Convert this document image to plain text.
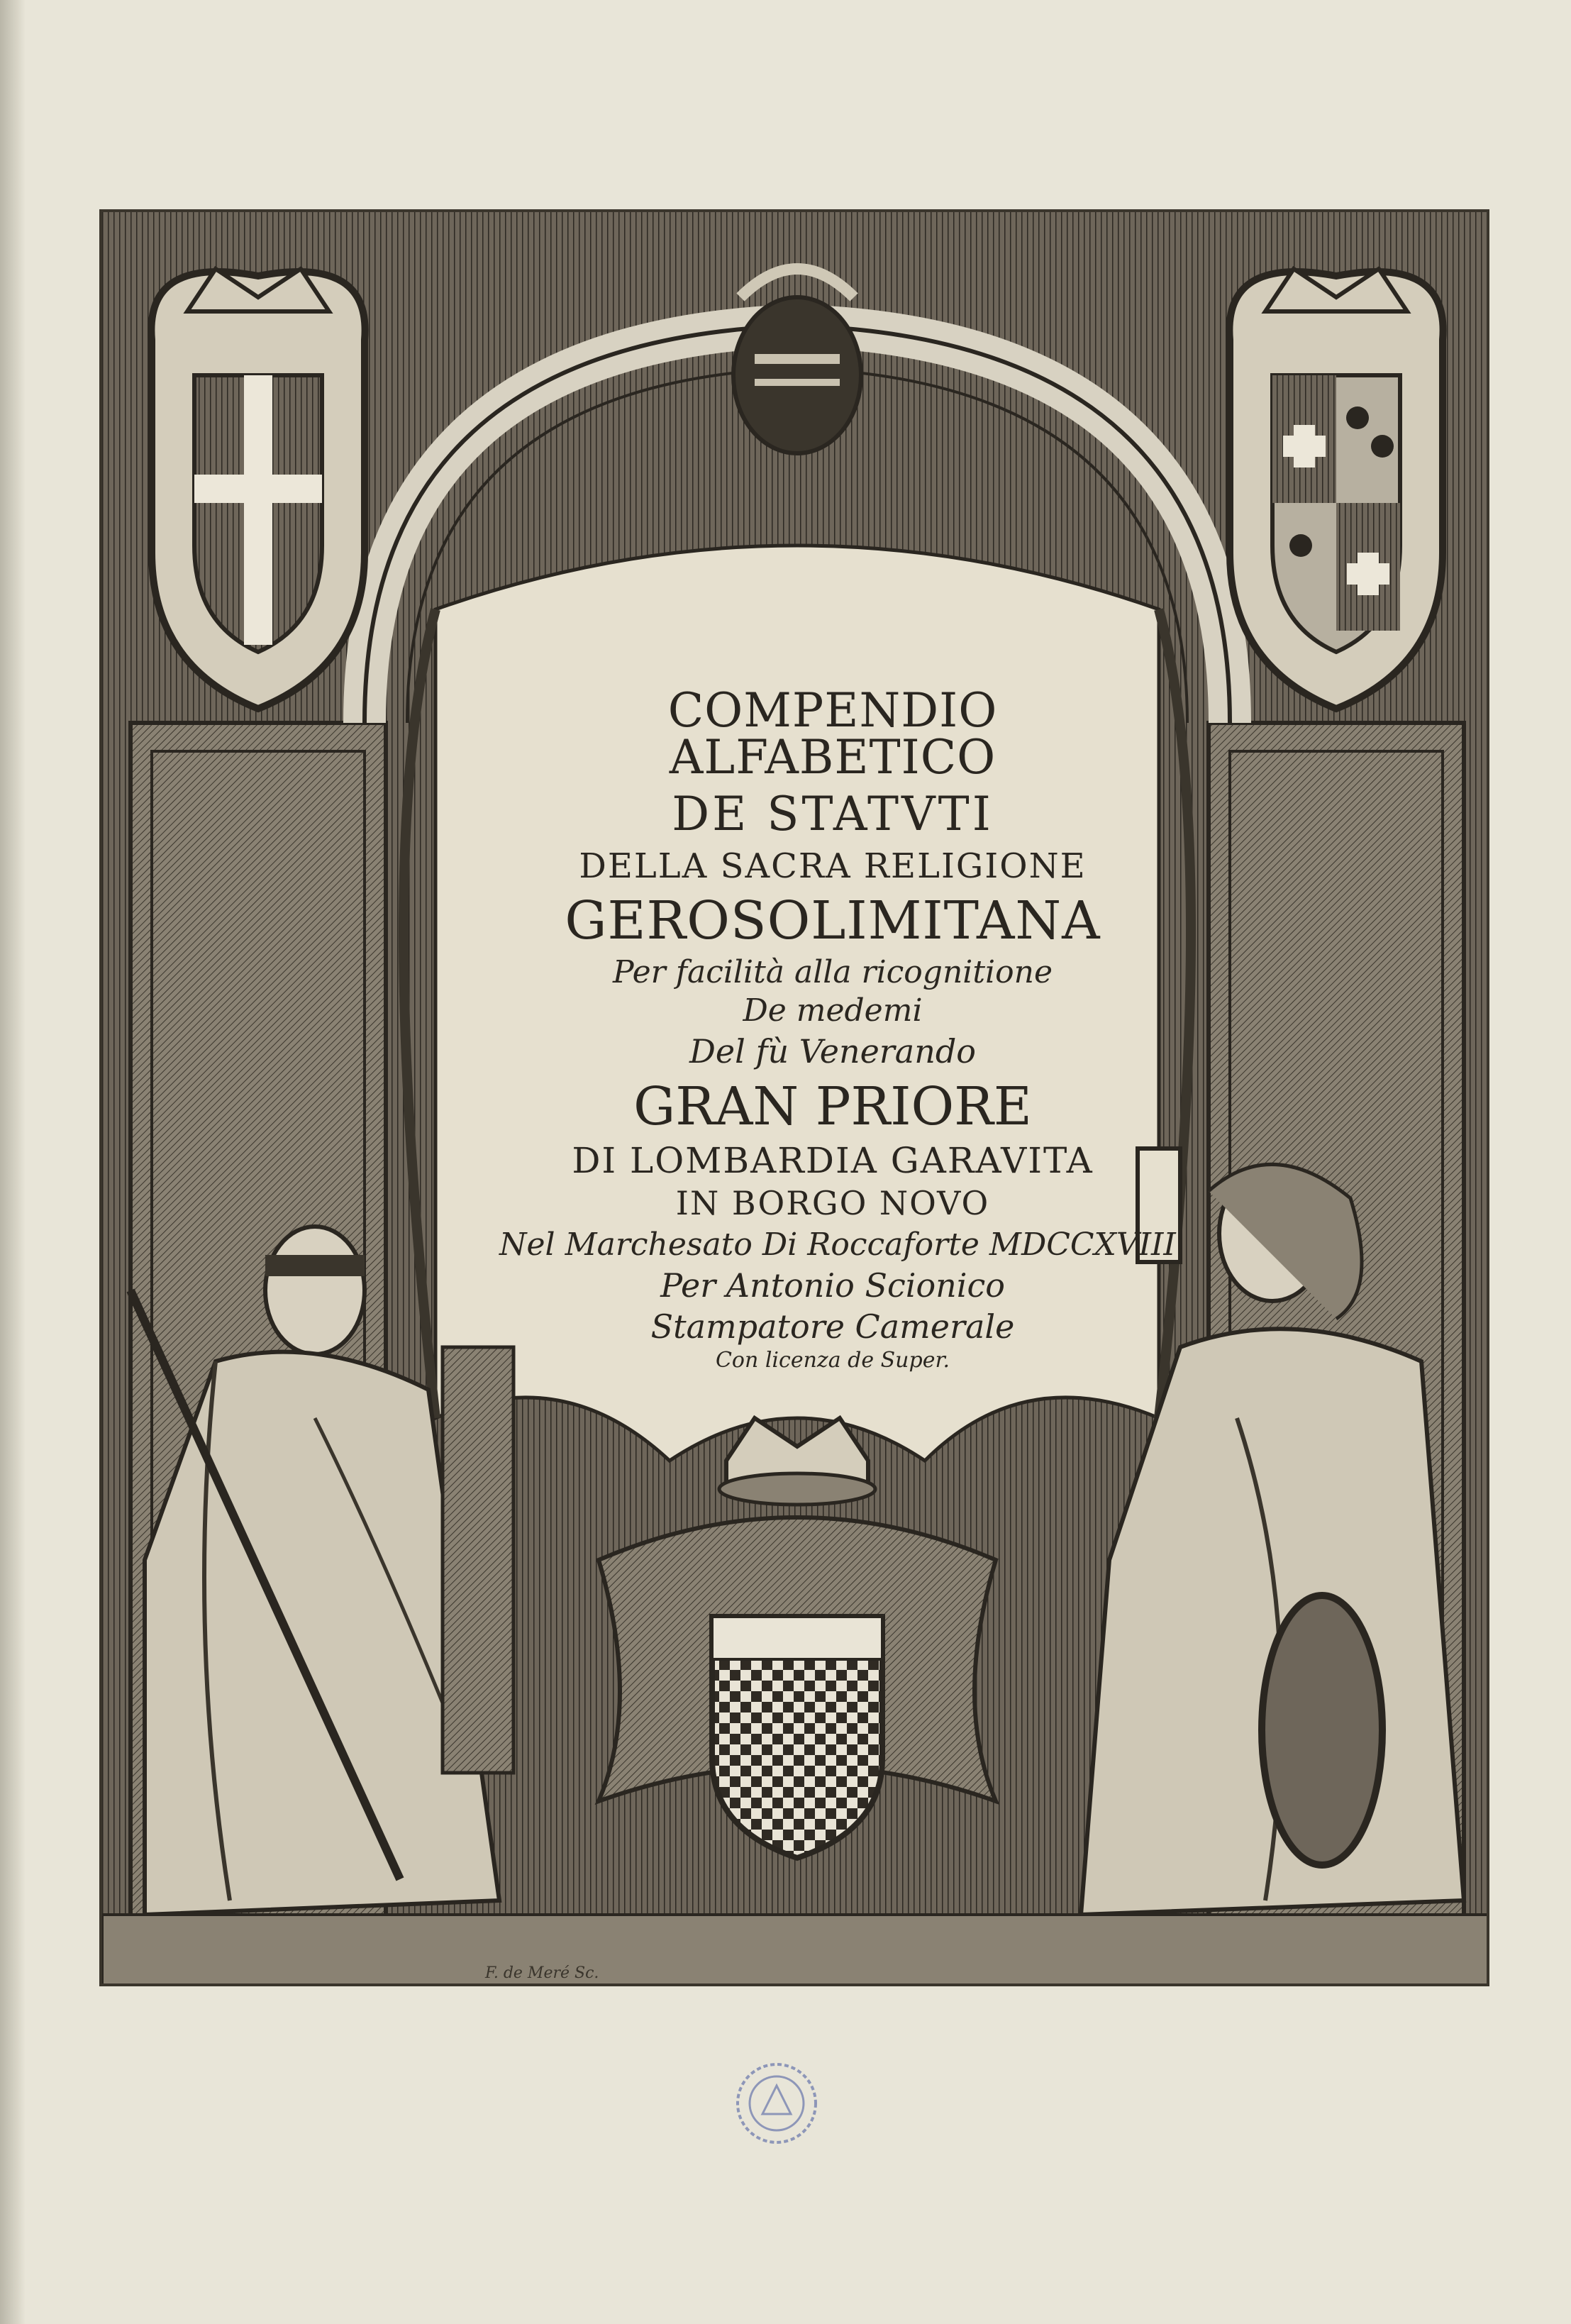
COMPENDIO ALFABETICO
DE STATVTI
DELLA SACRA RELIGIONE
GEROSOLIMITANA
Per facilità alla ricognitione
De medemi
Del fù Venerando
GRAN PRIORE
DI LOMBARDIA GARAVITA
IN BORGO NOVO
Nel Marchesato Di Roccaforte MDCCXVIII
Per Antonio Scionico
Stampatore Camerale
Con licenza de Super.
F. de Meré Sc.
